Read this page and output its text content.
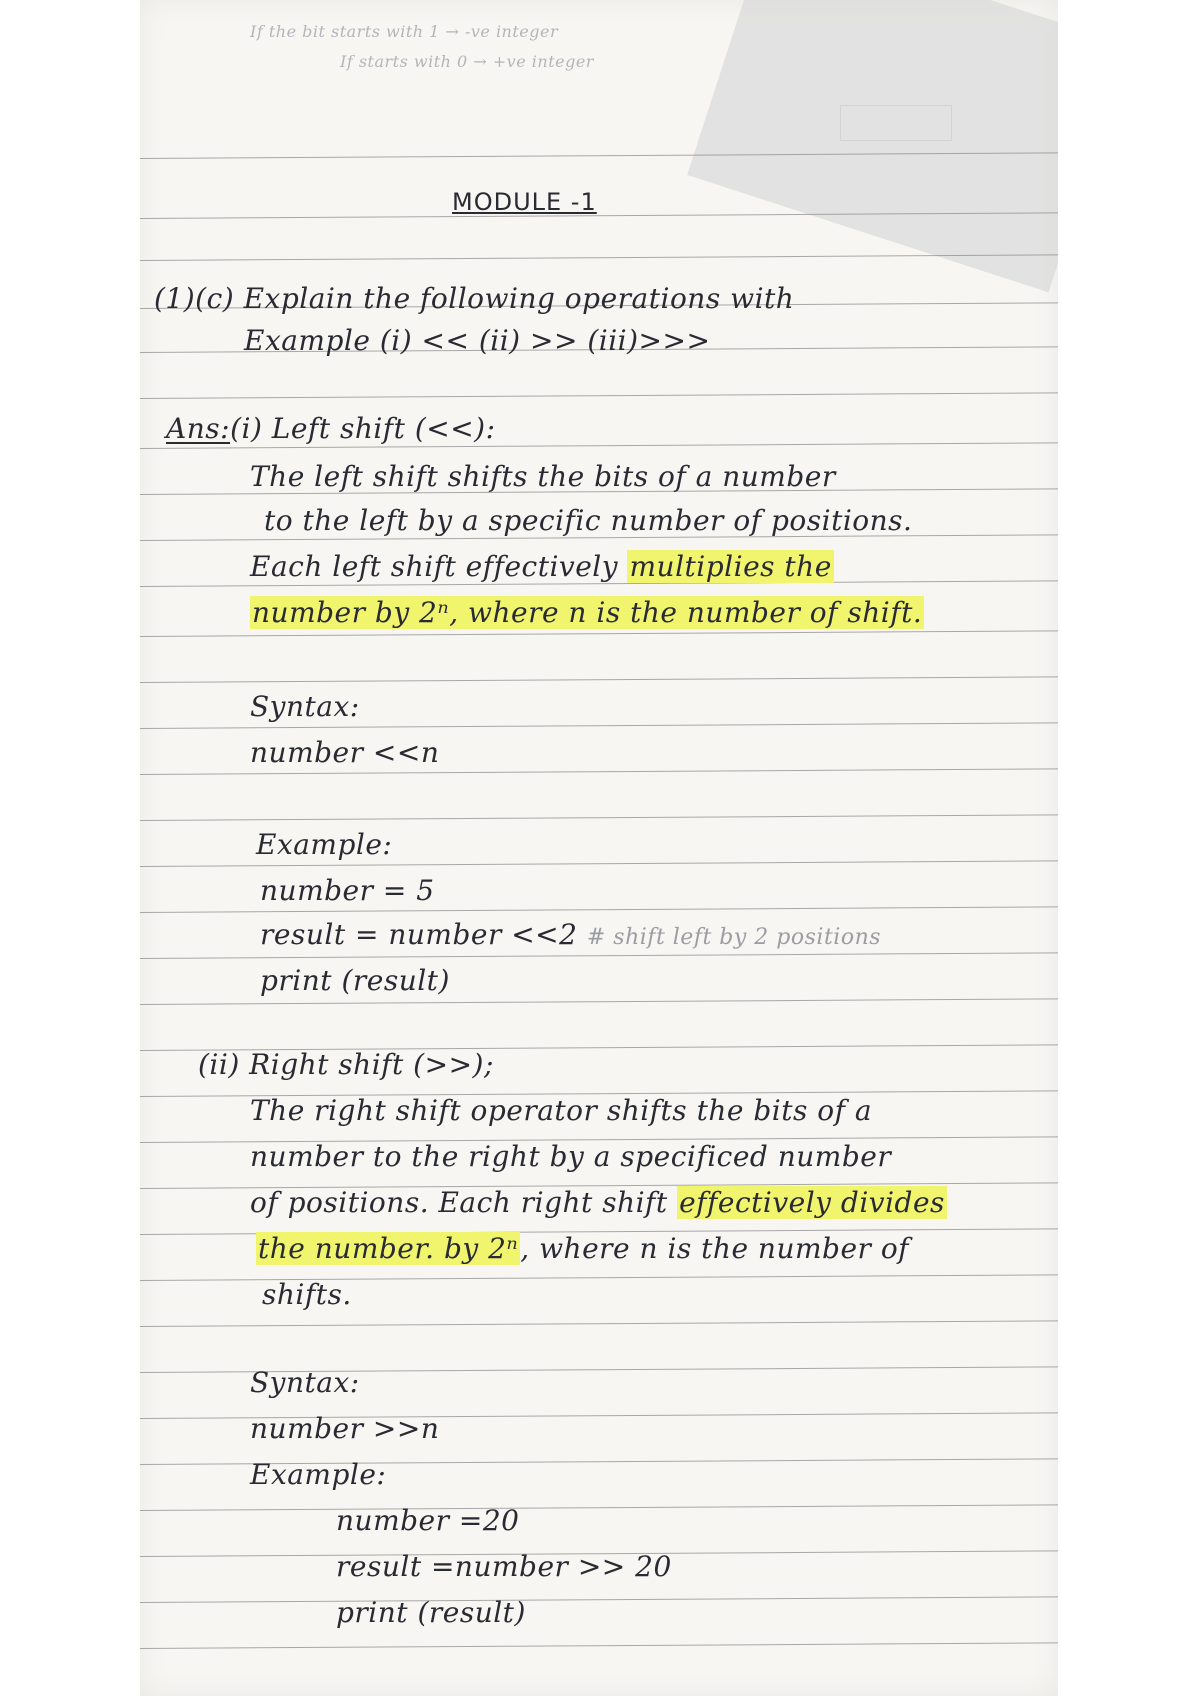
If the bit starts with 1 → -ve integer
If starts with 0 → +ve integer
MODULE -1
(1)(c) Explain the following operations with
Example (i) << (ii) >> (iii)>>>
Ans:(i) Left shift (<<):
The left shift shifts the bits of a number
to the left by a specific number of positions.
Each left shift effectively multiplies the
number by 2ⁿ, where n is the number of shift.
Syntax:
number <<n
Example:
number = 5
result = number <<2 # shift left by 2 positions
print (result)
(ii) Right shift (>>);
The right shift operator shifts the bits of a
number to the right by a specificed number
of positions. Each right shift effectively divides
the number. by 2ⁿ, where n is the number of
shifts.
Syntax:
number >>n
Example:
number =20
result =number >> 20
print (result)
